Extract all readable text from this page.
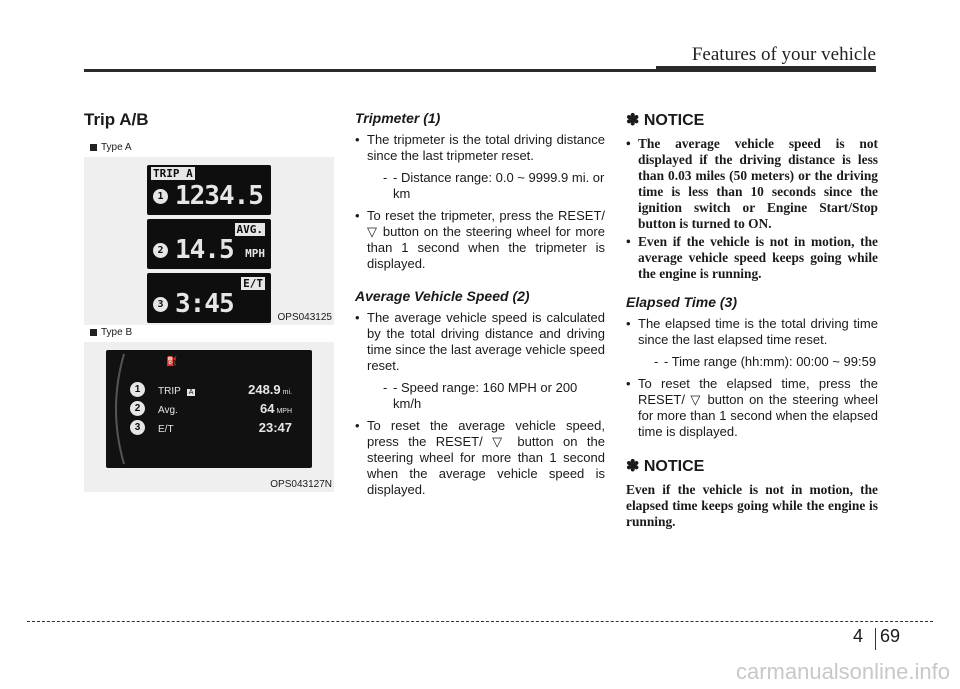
Features of your vehicle
Trip A/B
Type A
TRIP A
1 1234.5
AVG.
2 14.5 MPH
E/T
3 3:45	OPS043125
Type B
⛽
1
2
3
TRIP A	248.9 mi.
Avg.	64 MPH
E/T	23:47
OPS043127N
Tripmeter (1)
• The tripmeter is the total driving distance since the last tripmeter reset.
- - Distance range: 0.0 ~ 9999.9 mi. or km
• To reset the tripmeter, press the RESET/ ▽ button on the steering wheel for more than 1 second when the tripmeter is displayed.
Average Vehicle Speed (2)
• The average vehicle speed is calculated by the total driving distance and driving time since the last average vehicle speed reset.
- - Speed range: 160 MPH or 200 km/h
• To reset the average vehicle speed, press the RESET/ ▽ button on the steering wheel for more than 1 second when the average vehicle speed is displayed.
✽ NOTICE
• The average vehicle speed is not displayed if the driving distance is less than 0.03 miles (50 meters) or the driving time is less than 10 seconds since the ignition switch or Engine Start/Stop button is turned to ON.
• Even if the vehicle is not in motion, the average vehicle speed keeps going while the engine is running.
Elapsed Time (3)
• The elapsed time is the total driving time since the last elapsed time reset.
- - Time range (hh:mm): 00:00 ~ 99:59
• To reset the elapsed time, press the RESET/ ▽ button on the steering wheel for more than 1 second when the elapsed time is displayed.
✽ NOTICE
Even if the vehicle is not in motion, the elapsed time keeps going while the engine is running.
4 69
carmanualsonline.info
